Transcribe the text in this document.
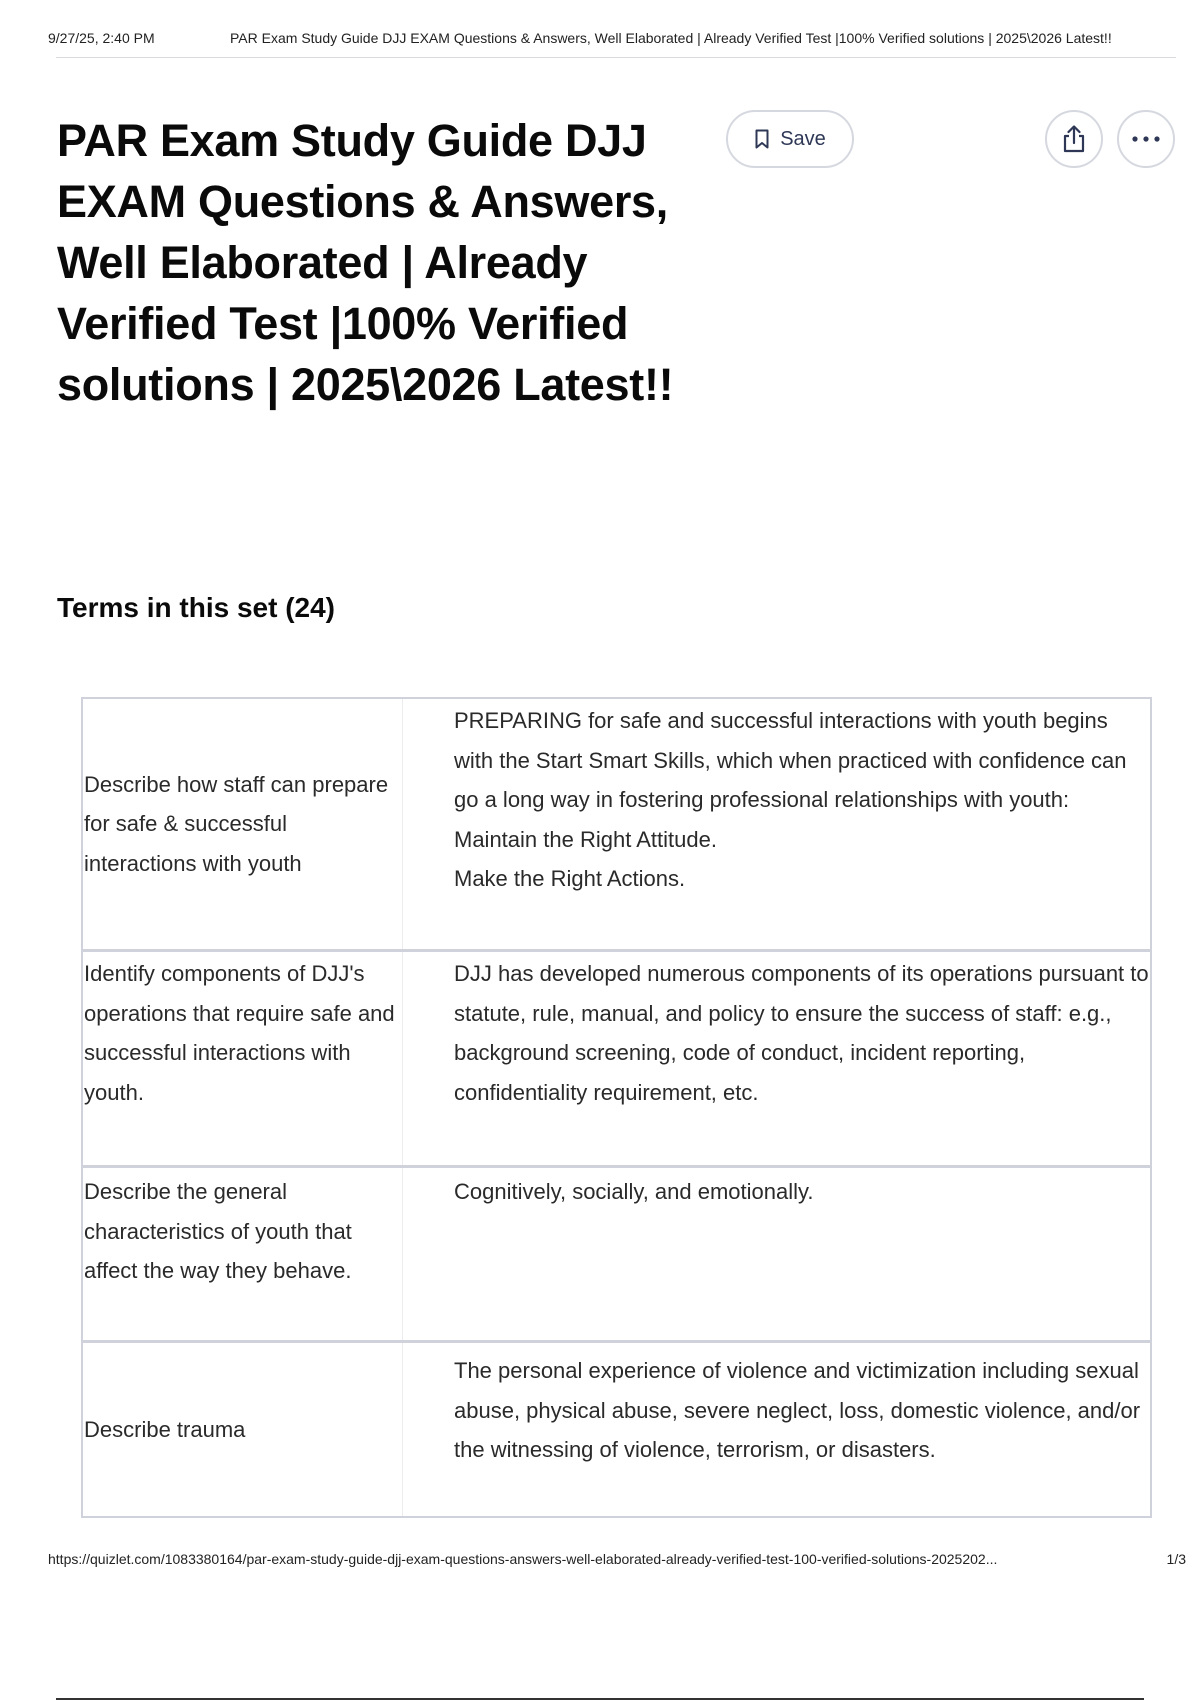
9/27/25, 2:40 PM	PAR Exam Study Guide DJJ EXAM Questions & Answers, Well Elaborated | Already Verified Test |100% Verified solutions | 2025\2026 Latest!!
PAR Exam Study Guide DJJ EXAM Questions & Answers, Well Elaborated | Already Verified Test |100% Verified solutions | 2025\2026 Latest!!
Save
Terms in this set (24)
Describe how staff can prepare for safe & successful interactions with youth
PREPARING for safe and successful interactions with youth begins with the Start Smart Skills, which when practiced with confidence can go a long way in fostering professional relationships with youth:
Maintain the Right Attitude.
Make the Right Actions.
Identify components of DJJ's operations that require safe and successful interactions with youth.
DJJ has developed numerous components of its operations pursuant to statute, rule, manual, and policy to ensure the success of staff: e.g., background screening, code of conduct, incident reporting, confidentiality requirement, etc.
Describe the general characteristics of youth that affect the way they behave.
Cognitively, socially, and emotionally.
Describe trauma
The personal experience of violence and victimization including sexual abuse, physical abuse, severe neglect, loss, domestic violence, and/or the witnessing of violence, terrorism, or disasters.
https://quizlet.com/1083380164/par-exam-study-guide-djj-exam-questions-answers-well-elaborated-already-verified-test-100-verified-solutions-2025202...	1/3
